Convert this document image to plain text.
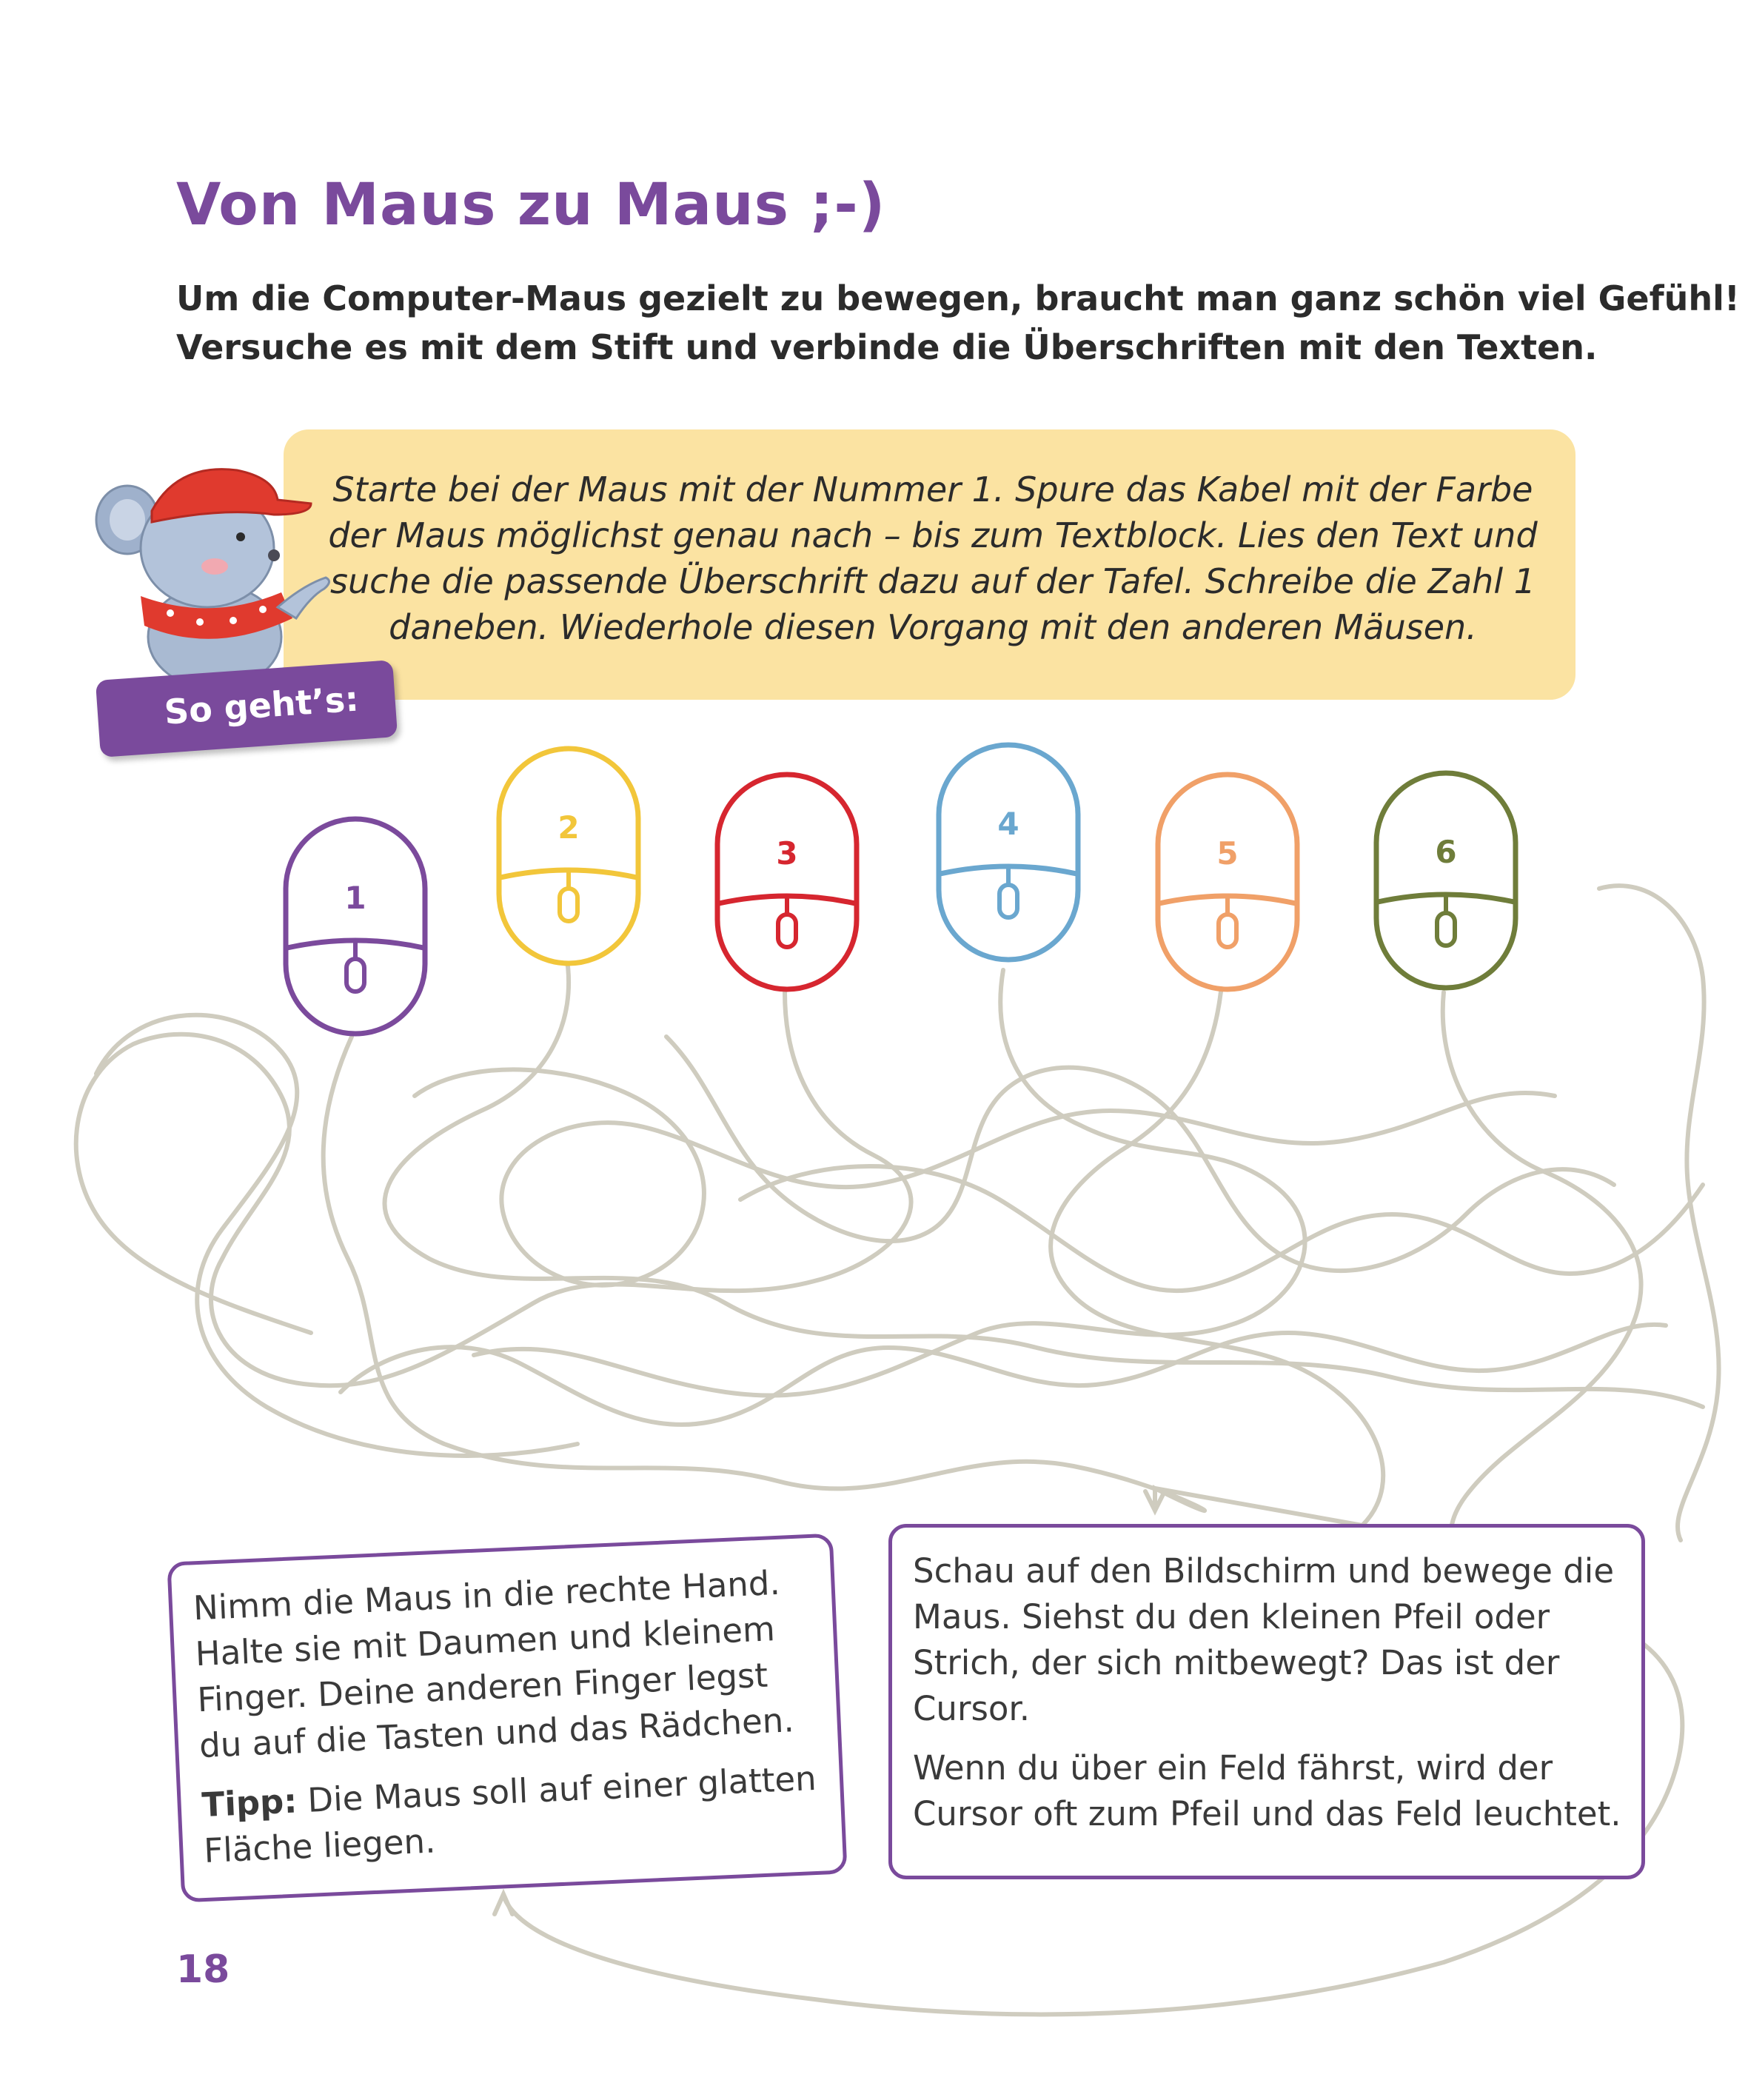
Von Maus zu Maus ;-)
Um die Computer-Maus gezielt zu bewegen, braucht man ganz schön viel Gefühl!
Versuche es mit dem Stift und verbinde die Überschriften mit den Texten.
Starte bei der Maus mit der Nummer 1. Spure das Kabel mit der Farbe
der Maus möglichst genau nach – bis zum Textblock. Lies den Text und
suche die passende Überschrift dazu auf der Tafel. Schreibe die Zahl 1
daneben. Wiederhole diesen Vorgang mit den anderen Mäusen.
So geht’s:
1
2
3
4
5	6

Nimm die Maus in die rechte Hand. Halte sie mit Daumen und kleinem Finger. Deine anderen Finger legst du auf die Tasten und das Rädchen.

Tipp: Die Maus soll auf einer glatten Fläche liegen.

Schau auf den Bildschirm und bewege die Maus. Siehst du den kleinen Pfeil oder Strich, der sich mitbewegt? Das ist der Cursor.

Wenn du über ein Feld fährst, wird der Cursor oft zum Pfeil und das Feld leuchtet.

18
